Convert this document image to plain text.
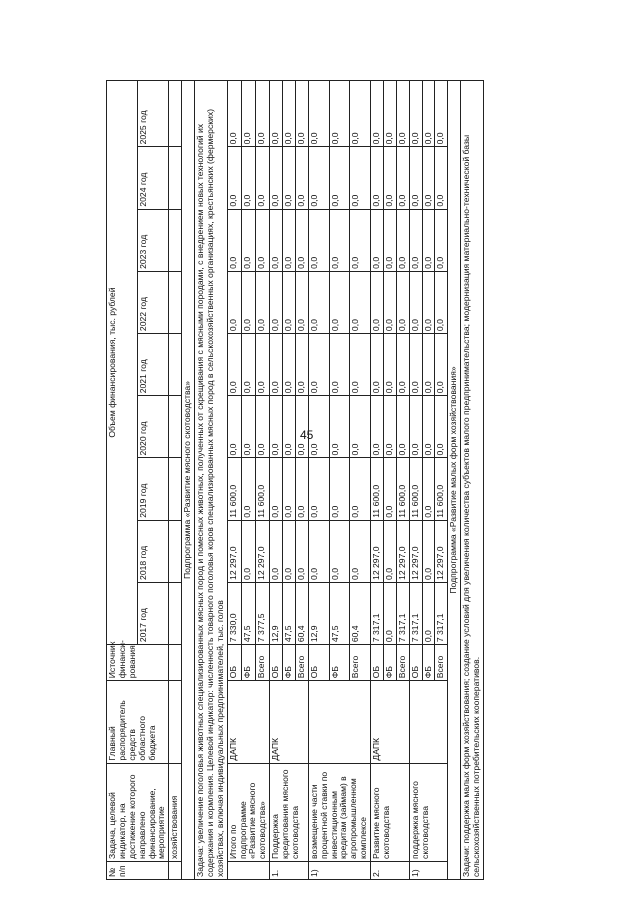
45
№ п/п	Задача, целевой индикатор, на достижение которого направлено финансирование, мероприятие	Главный распорядитель средств областного бюджета	Источник финанси-рования	Объем финансирования, тыс. рублей								
				2017 год	2018 год	2019 год	2020 год	2021 год	2022 год	2023 год	2024 год	2025 год
	хозяйствования											
Подпрограмма «Развитие мясного скотоводства»												
Задача: увеличение поголовья животных специализированных мясных пород и помесных животных, полученных от скрещивания с мясными породами, с внедрением новых технологий их содержания и кормления. Целевой индикатор: численность товарного поголовья коров специализированных мясных пород в сельскохозяйственных организациях, крестьянских (фермерских) хозяйствах, включая индивидуальных предпринимателей, тыс. голов												
	Итого по подпрограмме «Развитие мясного скотоводства»	ДАПК	ОБ	7 330,0	12 297,0	11 600,0	0,0	0,0	0,0	0,0	0,0	0,0
			ФБ	47,5	0,0	0,0	0,0	0,0	0,0	0,0	0,0	0,0
			Всего	7 377,5	12 297,0	11 600,0	0,0	0,0	0,0	0,0	0,0	0,0
1.	Поддержка кредитования мясного скотоводства	ДАПК	ОБ	12,9	0,0	0,0	0,0	0,0	0,0	0,0	0,0	0,0
			ФБ	47,5	0,0	0,0	0,0	0,0	0,0	0,0	0,0	0,0
			Всего	60,4	0,0	0,0	0,0	0,0	0,0	0,0	0,0	0,0
1)	возмещение части процентной ставки по инвестиционным кредитам (займам) в агропромышленном комплексе		ОБ	12,9	0,0	0,0	0,0	0,0	0,0	0,0	0,0	0,0
			ФБ	47,5	0,0	0,0	0,0	0,0	0,0	0,0	0,0	0,0
			Всего	60,4	0,0	0,0	0,0	0,0	0,0	0,0	0,0	0,0
2.	Развитие мясного скотоводства	ДАПК	ОБ	7 317,1	12 297,0	11 600,0	0,0	0,0	0,0	0,0	0,0	0,0
			ФБ	0,0	0,0	0,0	0,0	0,0	0,0	0,0	0,0	0,0
			Всего	7 317,1	12 297,0	11 600,0	0,0	0,0	0,0	0,0	0,0	0,0
1)	поддержка мясного скотоводства		ОБ	7 317,1	12 297,0	11 600,0	0,0	0,0	0,0	0,0	0,0	0,0
			ФБ	0,0	0,0	0,0	0,0	0,0	0,0	0,0	0,0	0,0
			Всего	7 317,1	12 297,0	11 600,0	0,0	0,0	0,0	0,0	0,0	0,0
Подпрограмма «Развитие малых форм хозяйствования»												
Задачи: поддержка малых форм хозяйствования; создание условий для увеличения количества субъектов малого предпринимательства; модернизация материально-технической базы сельскохозяйственных потребительских кооперативов.												
